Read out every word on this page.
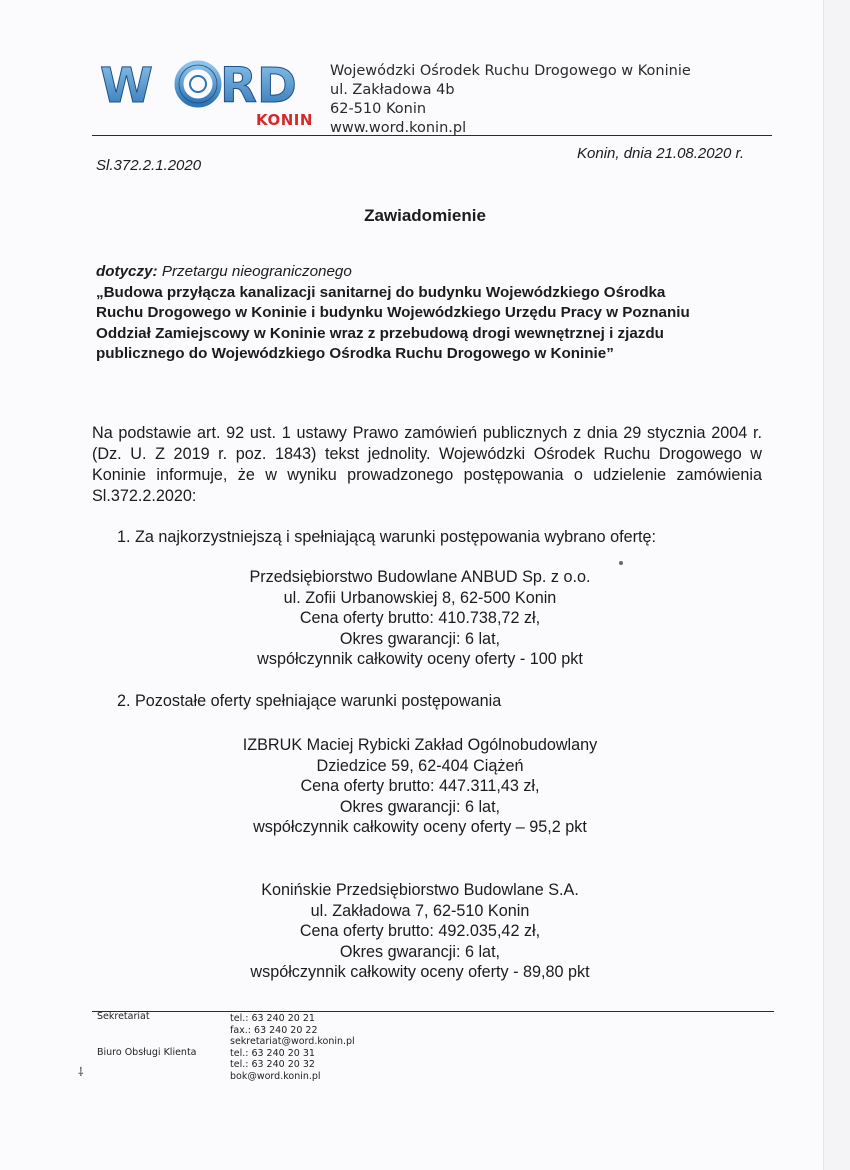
W RD
KONIN
Wojewódzki Ośrodek Ruchu Drogowego w Koninie
ul. Zakładowa 4b
62-510 Konin
www.word.konin.pl
Sl.372.2.1.2020
Konin, dnia 21.08.2020 r.
Zawiadomienie
dotyczy: Przetargu nieograniczonego
„Budowa przyłącza kanalizacji sanitarnej do budynku Wojewódzkiego Ośrodka
Ruchu Drogowego w Koninie i budynku Wojewódzkiego Urzędu Pracy w Poznaniu
Oddział Zamiejscowy w Koninie wraz z przebudową drogi wewnętrznej i zjazdu
publicznego do Wojewódzkiego Ośrodka Ruchu Drogowego w Koninie”
Na podstawie art. 92 ust. 1 ustawy Prawo zamówień publicznych z dnia 29 stycznia 2004 r. (Dz. U. Z 2019 r. poz. 1843) tekst jednolity. Wojewódzki Ośrodek Ruchu Drogowego w Koninie informuje, że w wyniku prowadzonego postępowania o udzielenie zamówienia Sl.372.2.2020:
1. Za najkorzystniejszą i spełniającą warunki postępowania wybrano ofertę:
Przedsiębiorstwo Budowlane ANBUD Sp. z o.o.
ul. Zofii Urbanowskiej 8, 62-500 Konin
Cena oferty brutto: 410.738,72 zł,
Okres gwarancji: 6 lat,
współczynnik całkowity oceny oferty - 100 pkt
2. Pozostałe oferty spełniające warunki postępowania
IZBRUK Maciej Rybicki Zakład Ogólnobudowlany
Dziedzice 59, 62-404 Ciążeń
Cena oferty brutto: 447.311,43 zł,
Okres gwarancji: 6 lat,
współczynnik całkowity oceny oferty – 95,2 pkt
Konińskie Przedsiębiorstwo Budowlane S.A.
ul. Zakładowa 7, 62-510 Konin
Cena oferty brutto: 492.035,42 zł,
Okres gwarancji: 6 lat,
współczynnik całkowity oceny oferty - 89,80 pkt
Sekretariat
Biuro Obsługi Klienta
tel.: 63 240 20 21
fax.: 63 240 20 22
sekretariat@word.konin.pl
tel.: 63 240 20 31
tel.: 63 240 20 32
bok@word.konin.pl
⸸
